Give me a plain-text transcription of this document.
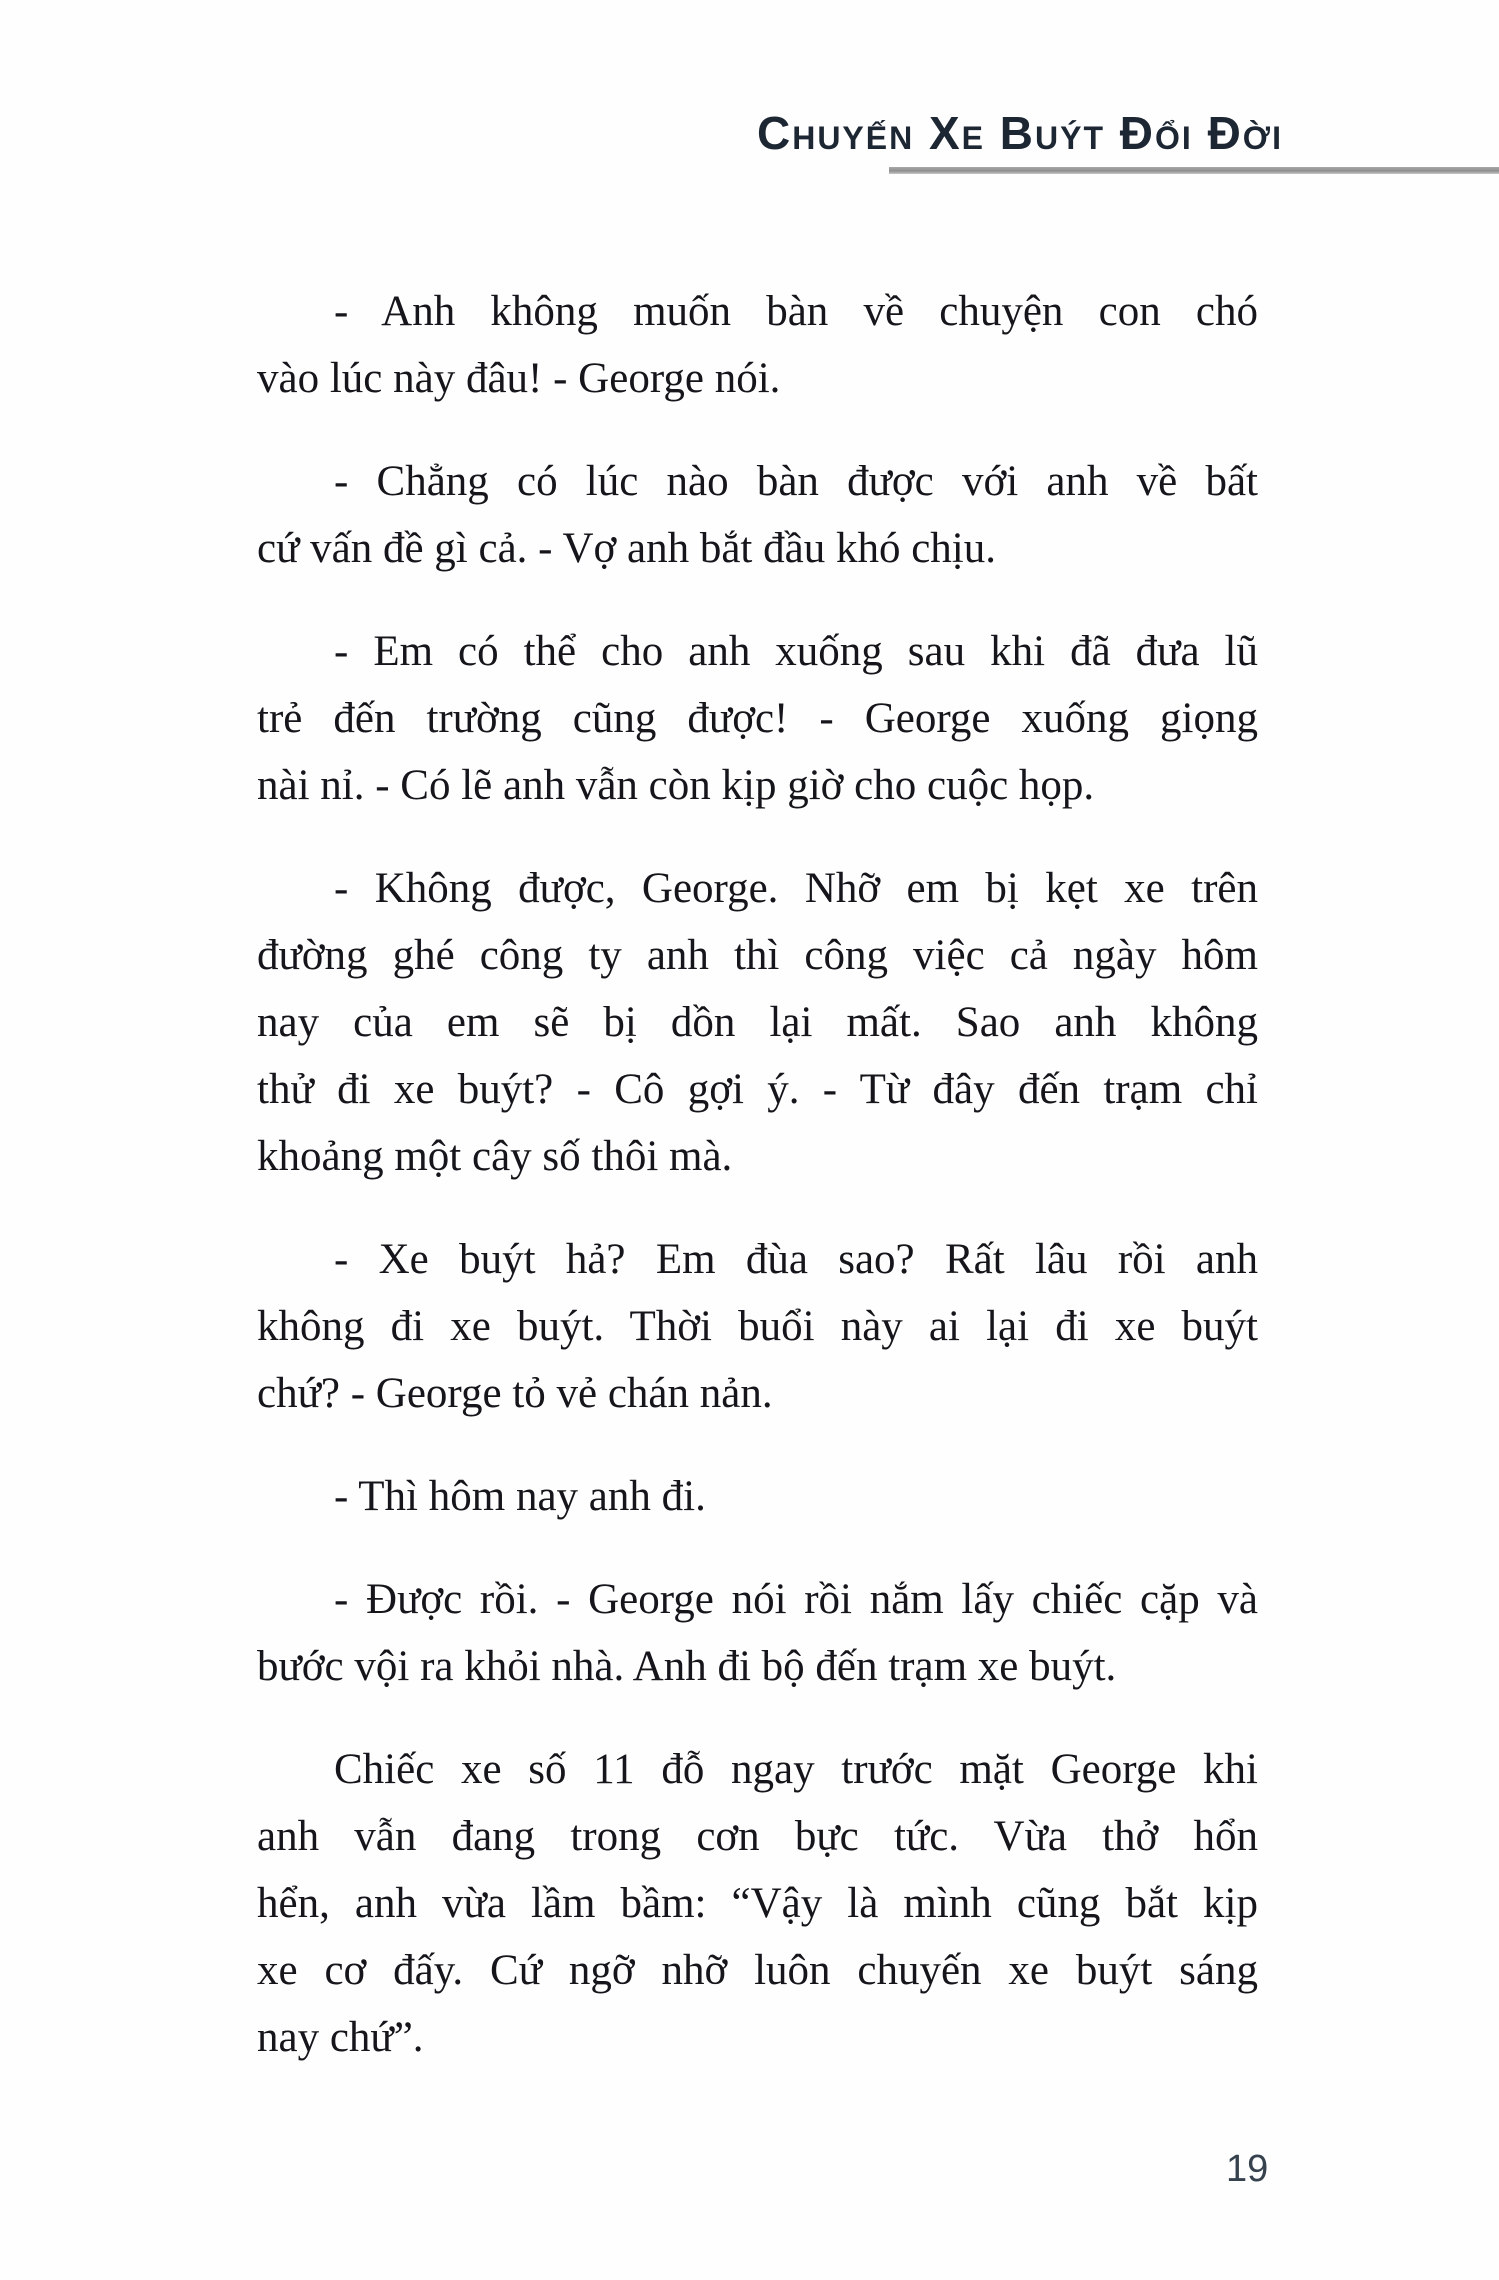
Chuyến Xe Buýt Đổi Đời
- Anh không muốn bàn về chuyện con chó
vào lúc này đâu! - George nói.
- Chẳng có lúc nào bàn được với anh về bất
cứ vấn đề gì cả. - Vợ anh bắt đầu khó chịu.
- Em có thể cho anh xuống sau khi đã đưa lũ
trẻ đến trường cũng được! - George xuống giọng
nài nỉ. - Có lẽ anh vẫn còn kịp giờ cho cuộc họp.
- Không được, George. Nhỡ em bị kẹt xe trên
đường ghé công ty anh thì công việc cả ngày hôm
nay của em sẽ bị dồn lại mất. Sao anh không
thử đi xe buýt? - Cô gợi ý. - Từ đây đến trạm chỉ
khoảng một cây số thôi mà.
- Xe buýt hả? Em đùa sao? Rất lâu rồi anh
không đi xe buýt. Thời buổi này ai lại đi xe buýt
chứ? - George tỏ vẻ chán nản.
- Thì hôm nay anh đi.
- Được rồi. - George nói rồi nắm lấy chiếc cặp và
bước vội ra khỏi nhà. Anh đi bộ đến trạm xe buýt.
Chiếc xe số 11 đỗ ngay trước mặt George khi
anh vẫn đang trong cơn bực tức. Vừa thở hổn
hển, anh vừa lầm bầm: “Vậy là mình cũng bắt kịp
xe cơ đấy. Cứ ngỡ nhỡ luôn chuyến xe buýt sáng
nay chứ”.
19
